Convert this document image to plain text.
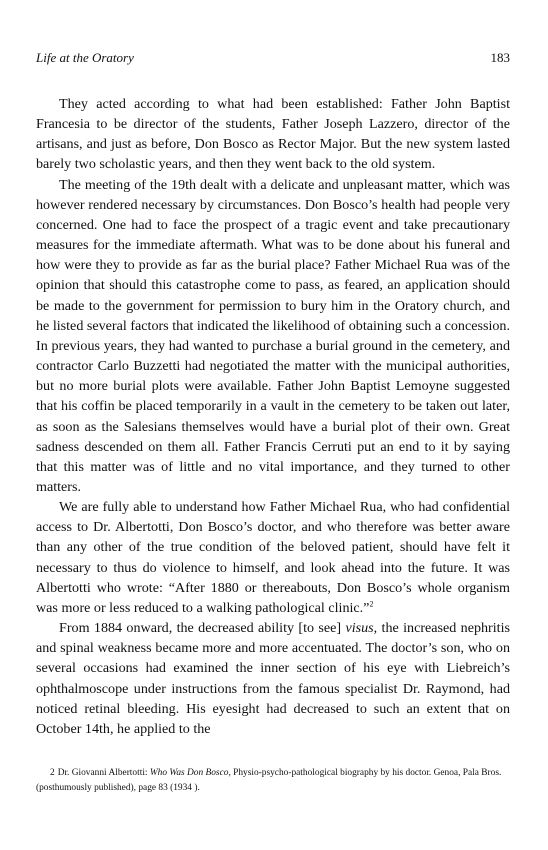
Life at the Oratory	183

They acted according to what had been established: Father John Baptist Francesia to be director of the students, Father Joseph Lazzero, director of the artisans, and just as before, Don Bosco as Rector Major. But the new system lasted barely two scholastic years, and then they went back to the old system.

The meeting of the 19th dealt with a delicate and unpleasant matter, which was however rendered necessary by circumstances. Don Bosco’s health had people very concerned. One had to face the prospect of a tragic event and take precautionary measures for the immediate aftermath. What was to be done about his funeral and how were they to provide as far as the burial place? Father Michael Rua was of the opinion that should this catastrophe come to pass, as feared, an application should be made to the government for permission to bury him in the Oratory church, and he listed several factors that indicated the likelihood of obtaining such a concession. In previous years, they had wanted to purchase a burial ground in the cemetery, and contractor Carlo Buzzetti had negotiated the matter with the municipal authorities, but no more burial plots were available. Father John Baptist Lemoyne suggested that his coffin be placed temporarily in a vault in the cemetery to be taken out later, as soon as the Salesians themselves would have a burial plot of their own. Great sadness descended on them all. Father Francis Cerruti put an end to it by saying that this matter was of little and no vital importance, and they turned to other matters.

We are fully able to understand how Father Michael Rua, who had confidential access to Dr. Albertotti, Don Bosco’s doctor, and who therefore was better aware than any other of the true condition of the beloved patient, should have felt it necessary to thus do violence to himself, and look ahead into the future. It was Albertotti who wrote: “After 1880 or thereabouts, Don Bosco’s whole organism was more or less reduced to a walking pathological clinic.”$^2$

From 1884 onward, the decreased ability [to see] visus, the increased nephritis and spinal weakness became more and more accentuated. The doctor’s son, who on several occasions had examined the inner section of his eye with Liebreich’s ophthalmoscope under instructions from the famous specialist Dr. Raymond, had noticed retinal bleeding. His eyesight had decreased to such an extent that on October 14th, he applied to the

2 Dr. Giovanni Albertotti: Who Was Don Bosco, Physio-psycho-pathological biography by his doctor. Genoa, Pala Bros. (posthumously published), page 83 (1934 ).
